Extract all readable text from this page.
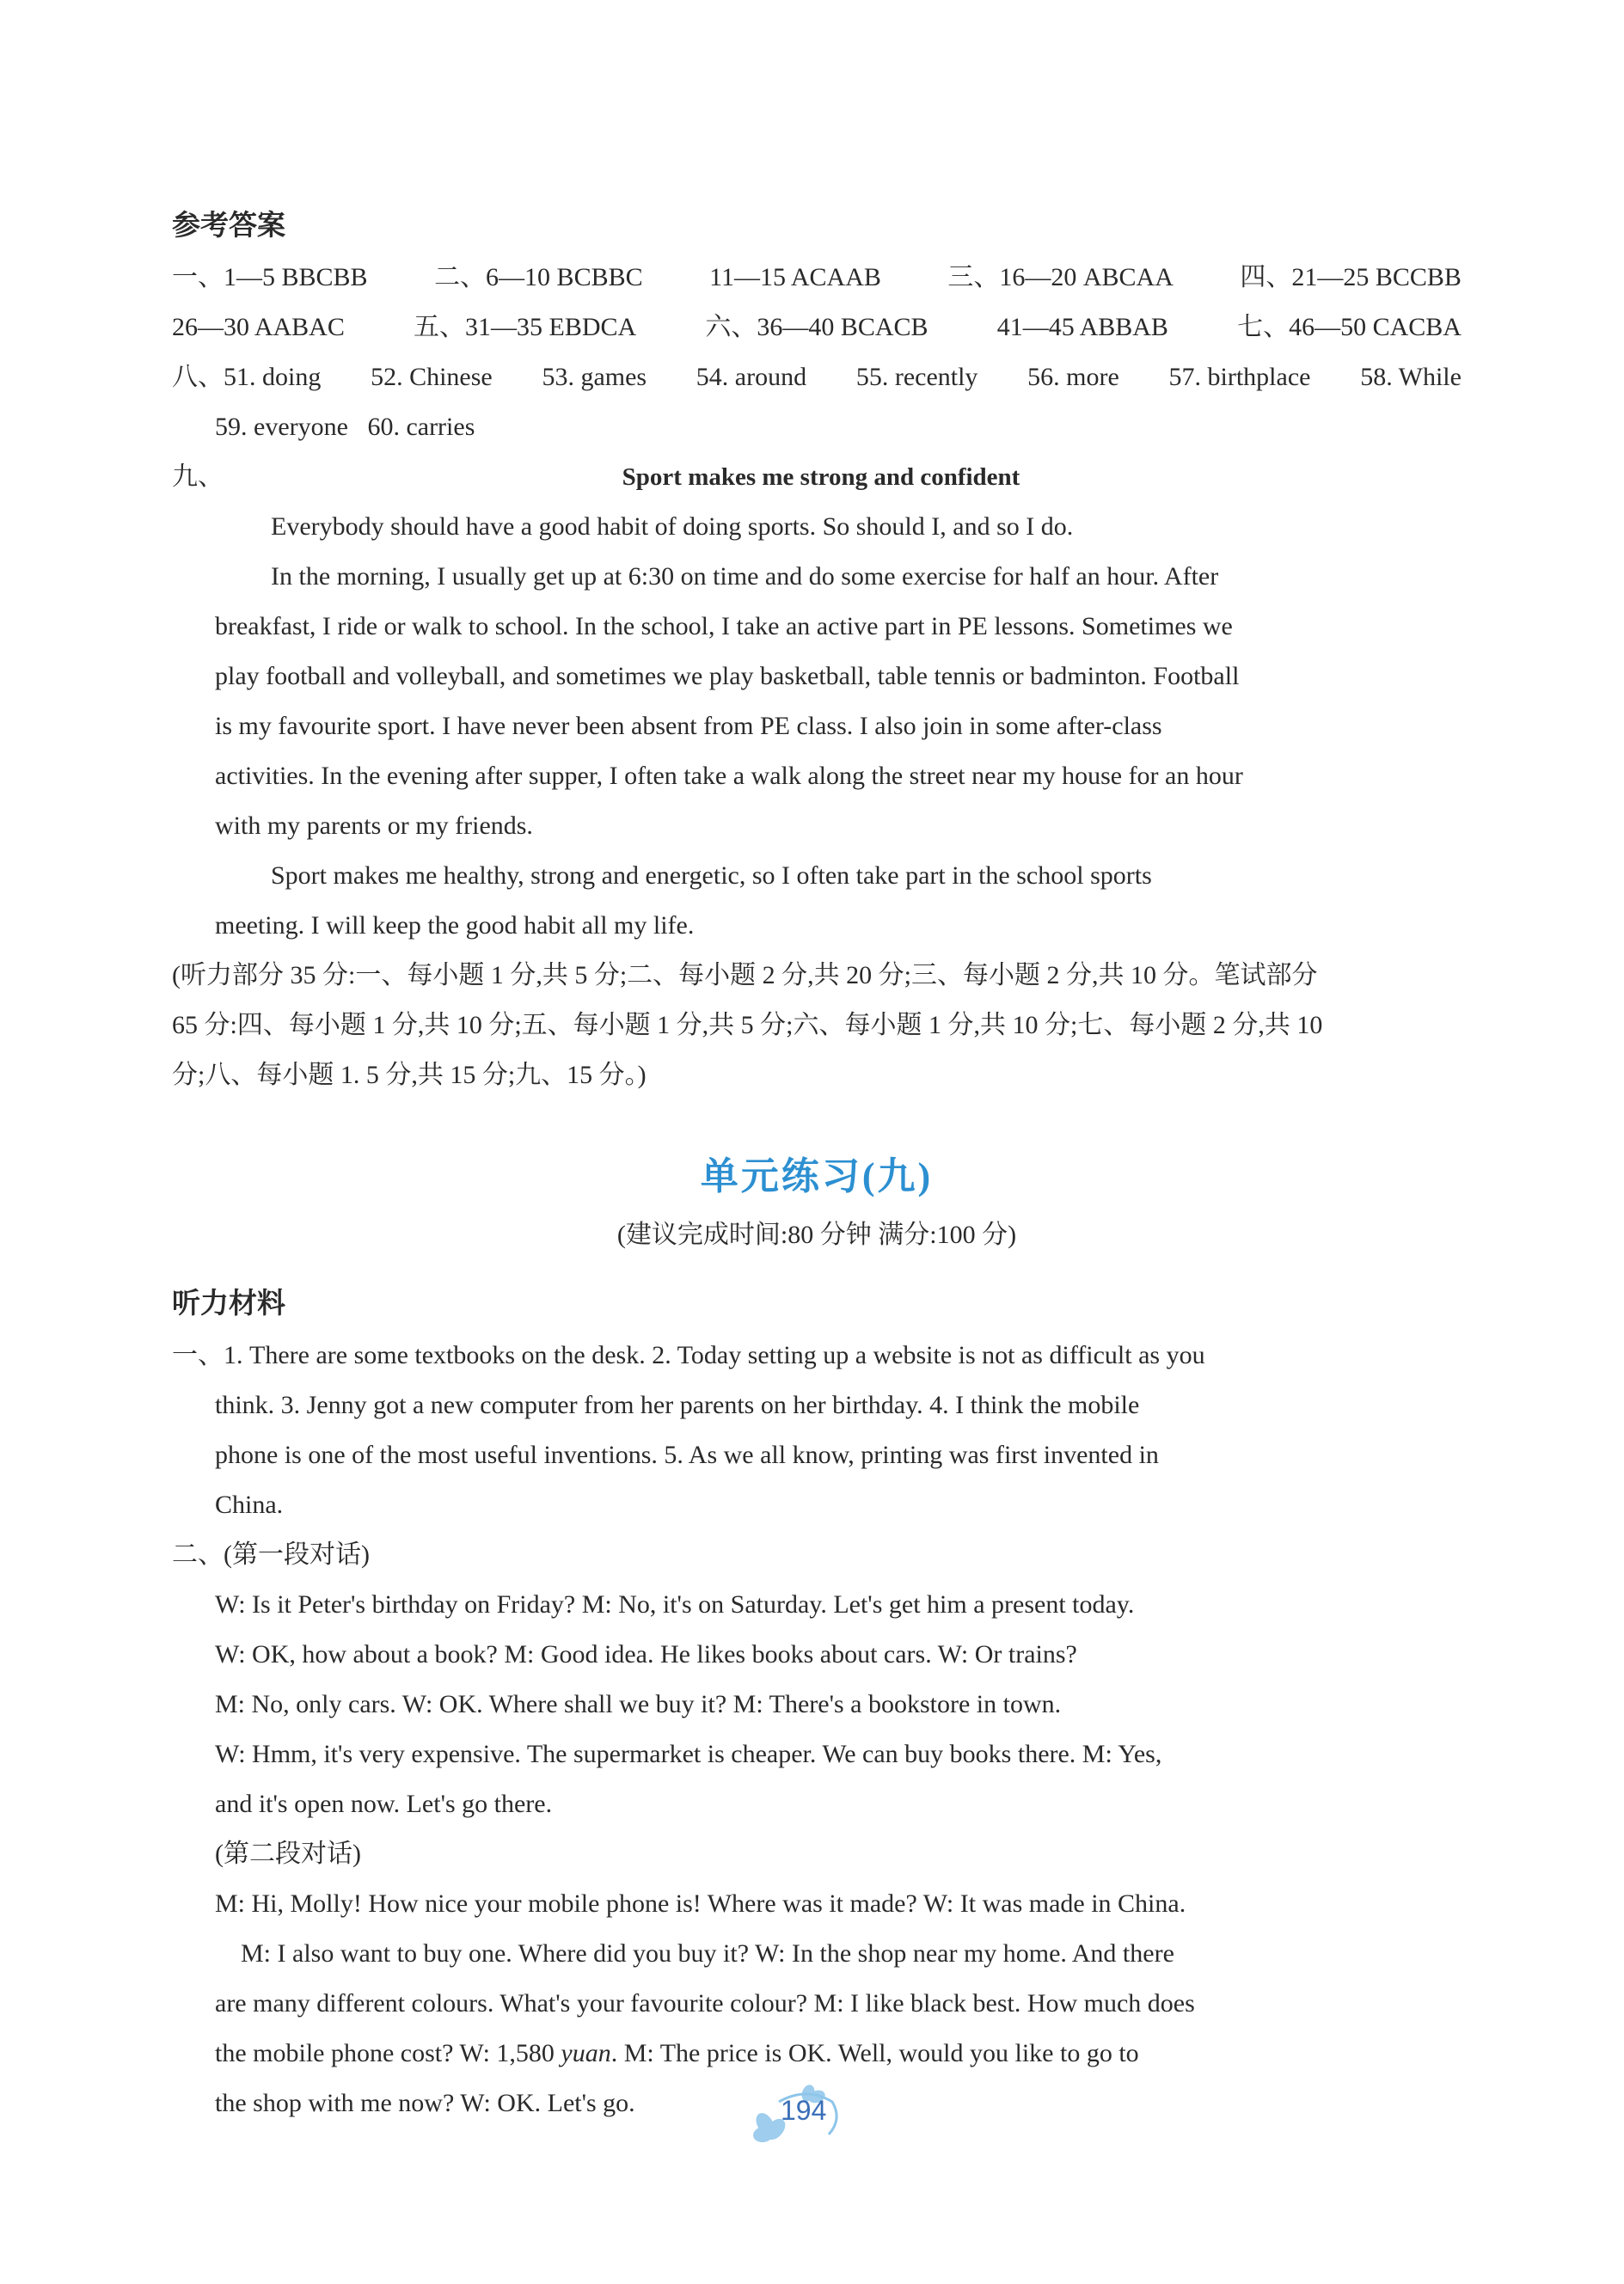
参考答案
一、1—5 BBCBB	二、6—10 BCBBC	11—15 ACAAB	三、16—20 ABCAA	四、21—25 BCCBB
26—30 AABAC	五、31—35 EBDCA	六、36—40 BCACB	41—45 ABBAB	七、46—50 CACBA
八、51. doing 52. Chinese 53. games 54. around 55. recently 56. more 57. birthplace 58. While
59. everyone 60. carries
九、	Sport makes me strong and confident
Everybody should have a good habit of doing sports. So should I, and so I do.
In the morning, I usually get up at 6:30 on time and do some exercise for half an hour. After
breakfast, I ride or walk to school. In the school, I take an active part in PE lessons. Sometimes we
play football and volleyball, and sometimes we play basketball, table tennis or badminton. Football
is my favourite sport. I have never been absent from PE class. I also join in some after-class
activities. In the evening after supper, I often take a walk along the street near my house for an hour
with my parents or my friends.
Sport makes me healthy, strong and energetic, so I often take part in the school sports
meeting. I will keep the good habit all my life.
(听力部分 35 分:一、每小题 1 分,共 5 分;二、每小题 2 分,共 20 分;三、每小题 2 分,共 10 分。笔试部分
65 分:四、每小题 1 分,共 10 分;五、每小题 1 分,共 5 分;六、每小题 1 分,共 10 分;七、每小题 2 分,共 10
分;八、每小题 1. 5 分,共 15 分;九、15 分。)
单元练习(九)
(建议完成时间:80 分钟 满分:100 分)
听力材料
一、1. There are some textbooks on the desk. 2. Today setting up a website is not as difficult as you
think. 3. Jenny got a new computer from her parents on her birthday. 4. I think the mobile
phone is one of the most useful inventions. 5. As we all know, printing was first invented in
China.
二、(第一段对话)
W: Is it Peter's birthday on Friday? M: No, it's on Saturday. Let's get him a present today.
W: OK, how about a book? M: Good idea. He likes books about cars. W: Or trains?
M: No, only cars. W: OK. Where shall we buy it? M: There's a bookstore in town.
W: Hmm, it's very expensive. The supermarket is cheaper. We can buy books there. M: Yes,
and it's open now. Let's go there.
(第二段对话)
M: Hi, Molly! How nice your mobile phone is! Where was it made? W: It was made in China.
M: I also want to buy one. Where did you buy it? W: In the shop near my home. And there
are many different colours. What's your favourite colour? M: I like black best. How much does
the mobile phone cost? W: 1,580 yuan. M: The price is OK. Well, would you like to go to
the shop with me now? W: OK. Let's go.	194
